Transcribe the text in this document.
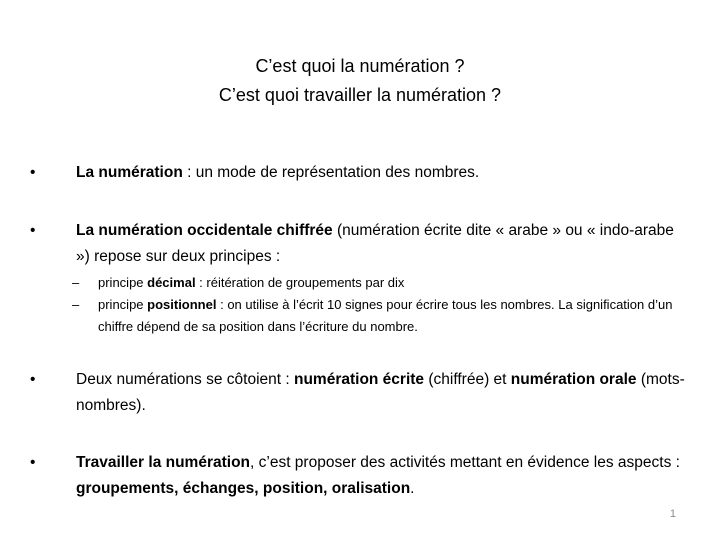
C’est quoi la numération ?
C’est quoi travailler la numération ?
•	La numération : un mode de représentation des nombres.
•	La numération occidentale chiffrée (numération écrite dite « arabe » ou « indo-arabe ») repose sur deux principes :
– principe décimal : réitération de groupements par dix
– principe positionnel : on utilise à l’écrit 10 signes pour écrire tous les nombres. La signification d’un chiffre dépend de sa position dans l’écriture du nombre.
•	Deux numérations se côtoient : numération écrite (chiffrée) et numération orale (mots-nombres).
•	Travailler la numération, c’est proposer des activités mettant en évidence les aspects : groupements, échanges, position, oralisation.
1
